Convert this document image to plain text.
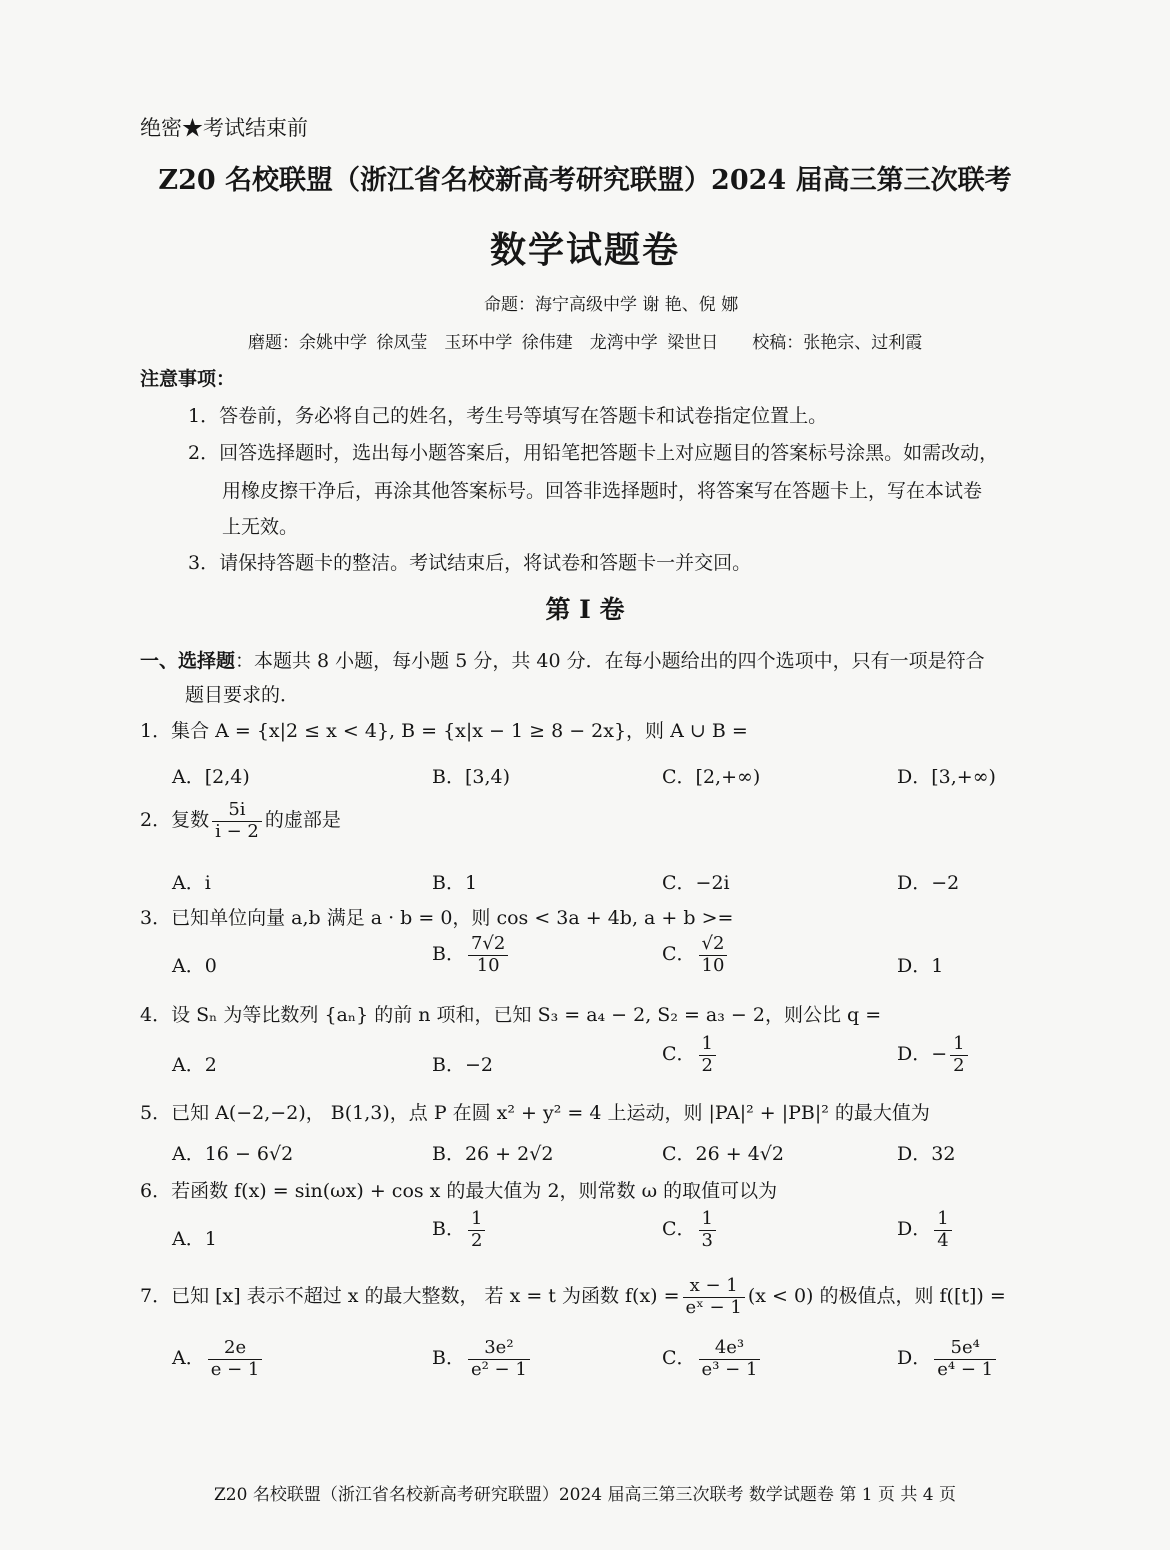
绝密★考试结束前
Z20 名校联盟（浙江省名校新高考研究联盟）2024 届高三第三次联考
数学试题卷
命题：海宁高级中学 谢 艳、倪 娜
磨题：余姚中学 徐凤莹　玉环中学 徐伟建　龙湾中学 梁世日　　校稿：张艳宗、过利霞
注意事项：
1．答卷前，务必将自己的姓名，考生号等填写在答题卡和试卷指定位置上。
2．回答选择题时，选出每小题答案后，用铅笔把答题卡上对应题目的答案标号涂黑。如需改动，
用橡皮擦干净后，再涂其他答案标号。回答非选择题时，将答案写在答题卡上，写在本试卷
上无效。
3．请保持答题卡的整洁。考试结束后，将试卷和答题卡一并交回。
第 I 卷
一、选择题：本题共 8 小题，每小题 5 分，共 40 分．在每小题给出的四个选项中，只有一项是符合
题目要求的．
1．集合 A = {x|2 ≤ x < 4}, B = {x|x − 1 ≥ 8 − 2x}，则 A ∪ B =
A．[2,4)	B．[3,4)	C．[2,+∞)	D．[3,+∞)
2．复数 $\frac{5i}{i - 2}$ 的虚部是
A．i	B．1	C．−2i	D．−2
3．已知单位向量 a,b 满足 a · b = 0，则 cos < 3a + 4b, a + b >=
A．0
B． $\frac{7√2}{10}$	C． $\frac{√2}{10}$	D．1
4．设 Sₙ 为等比数列 {aₙ} 的前 n 项和，已知 S₃ = a₄ − 2, S₂ = a₃ − 2，则公比 q =
A．2	B．−2	C． $\frac{1}{2}$	D．− $\frac{1}{2}$
5．已知 A(−2,−2)， B(1,3)，点 P 在圆 x² + y² = 4 上运动，则 |PA|² + |PB|² 的最大值为
A．16 − 6√2	B．26 + 2√2	C．26 + 4√2	D．32
6．若函数 f(x) = sin(ωx) + cos x 的最大值为 2，则常数 ω 的取值可以为
A．1	B． $\frac{1}{2}$	C． $\frac{1}{3}$	D． $\frac{1}{4}$
7．已知 [x] 表示不超过 x 的最大整数， 若 x = t 为函数 $f(x) = \frac{x - 1}{\text{eˣ − 1}} (x < 0)$ 的极值点，则 f([t]) =
A． $\frac{2e}{e - 1}$	B． $\frac{\text{3e²}}{\text{e² − 1}}$	C． $\frac{\text{4e³}}{\text{e³ − 1}}$	D． $\frac{\text{5e⁴}}{\text{e⁴ − 1}}$
Z20 名校联盟（浙江省名校新高考研究联盟）2024 届高三第三次联考 数学试题卷 第 1 页 共 4 页
